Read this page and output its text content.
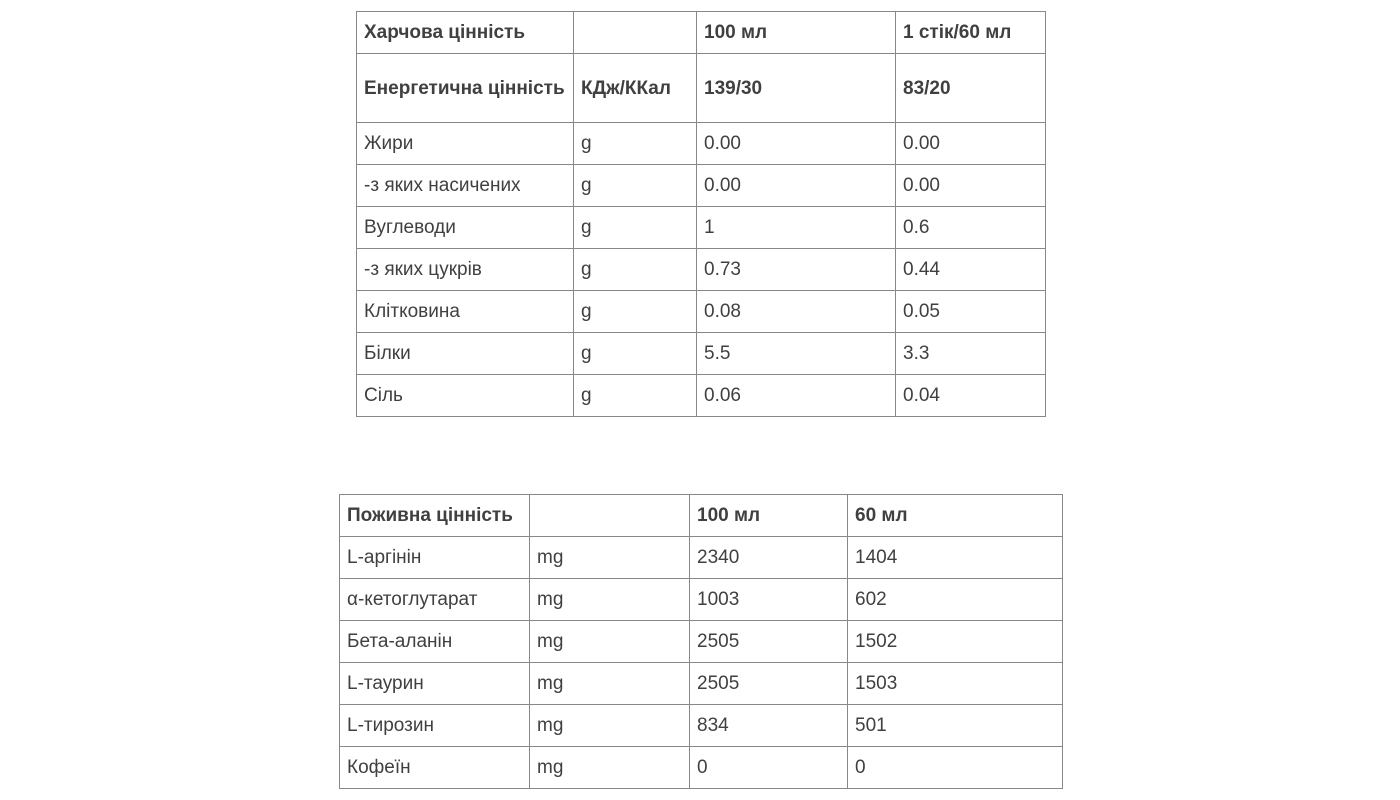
Харчова цінність		100 мл	1 стік/60 мл
Енергетична цінність	КДж/ККал	139/30	83/20
Жири	g	0.00	0.00
-з яких насичених	g	0.00	0.00
Вуглеводи	g	1	0.6
-з яких цукрів	g	0.73	0.44
Клітковина	g	0.08	0.05
Білки	g	5.5	3.3
Сіль	g	0.06	0.04
Поживна цінність		100 мл	60 мл
L-аргінін	mg	2340	1404
α-кетоглутарат	mg	1003	602
Бета-аланін	mg	2505	1502
L-таурин	mg	2505	1503
L-тирозин	mg	834	501
Кофеїн	mg	0	0
